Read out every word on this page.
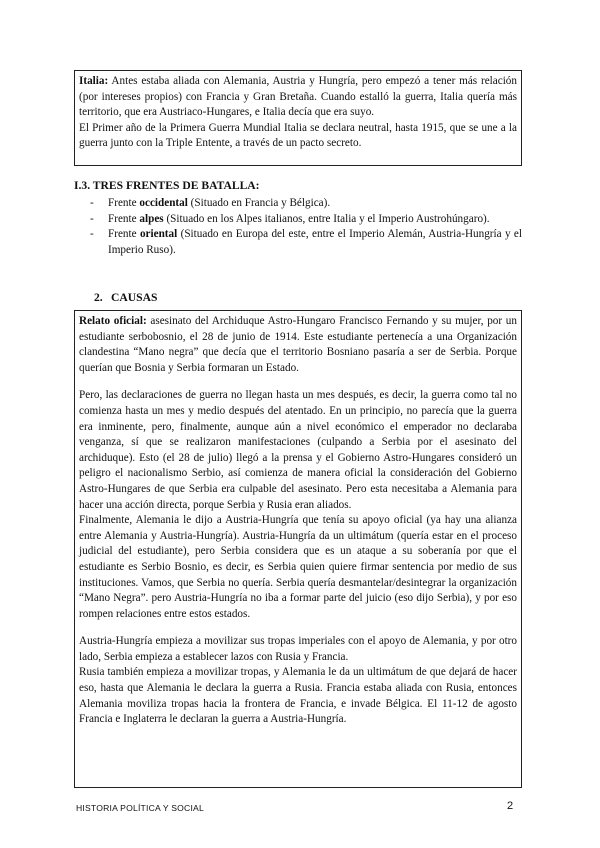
Italia: Antes estaba aliada con Alemania, Austria y Hungría, pero empezó a tener más relación (por intereses propios) con Francia y Gran Bretaña. Cuando estalló la guerra, Italia quería más territorio, que era Austriaco-Hungares, e Italia decía que era suyo.

El Primer año de la Primera Guerra Mundial Italia se declara neutral, hasta 1915, que se une a la guerra junto con la Triple Entente, a través de un pacto secreto.

I.3. TRES FRENTES DE BATALLA:
-	Frente occidental (Situado en Francia y Bélgica).
-	Frente alpes (Situado en los Alpes italianos, entre Italia y el Imperio Austrohúngaro).
-	Frente oriental (Situado en Europa del este, entre el Imperio Alemán, Austria-Hungría y el Imperio Ruso).
2. CAUSAS

Relato oficial: asesinato del Archiduque Astro-Hungaro Francisco Fernando y su mujer, por un estudiante serbobosnio, el 28 de junio de 1914. Este estudiante pertenecía a una Organización clandestina “Mano negra” que decía que el territorio Bosniano pasaría a ser de Serbia. Porque querían que Bosnia y Serbia formaran un Estado.

Pero, las declaraciones de guerra no llegan hasta un mes después, es decir, la guerra como tal no comienza hasta un mes y medio después del atentado. En un principio, no parecía que la guerra era inminente, pero, finalmente, aunque aún a nivel económico el emperador no declaraba venganza, sí que se realizaron manifestaciones (culpando a Serbia por el asesinato del archiduque). Esto (el 28 de julio) llegó a la prensa y el Gobierno Astro-Hungares consideró un peligro el nacionalismo Serbio, así comienza de manera oficial la consideración del Gobierno Astro-Hungares de que Serbia era culpable del asesinato. Pero esta necesitaba a Alemania para hacer una acción directa, porque Serbia y Rusia eran aliados.

Finalmente, Alemania le dijo a Austria-Hungría que tenía su apoyo oficial (ya hay una alianza entre Alemania y Austria-Hungría). Austria-Hungría da un ultimátum (quería estar en el proceso judicial del estudiante), pero Serbia considera que es un ataque a su soberanía por que el estudiante es Serbio Bosnio, es decir, es Serbia quien quiere firmar sentencia por medio de sus instituciones. Vamos, que Serbia no quería. Serbia quería desmantelar/desintegrar la organización “Mano Negra”. pero Austria-Hungría no iba a formar parte del juicio (eso dijo Serbia), y por eso rompen relaciones entre estos estados.

Austria-Hungría empieza a movilizar sus tropas imperiales con el apoyo de Alemania, y por otro lado, Serbia empieza a establecer lazos con Rusia y Francia.

Rusia también empieza a movilizar tropas, y Alemania le da un ultimátum de que dejará de hacer eso, hasta que Alemania le declara la guerra a Rusia. Francia estaba aliada con Rusia, entonces Alemania moviliza tropas hacia la frontera de Francia, e invade Bélgica. El 11-12 de agosto Francia e Inglaterra le declaran la guerra a Austria-Hungría.

HISTORIA POLÍTICA Y SOCIAL	2
